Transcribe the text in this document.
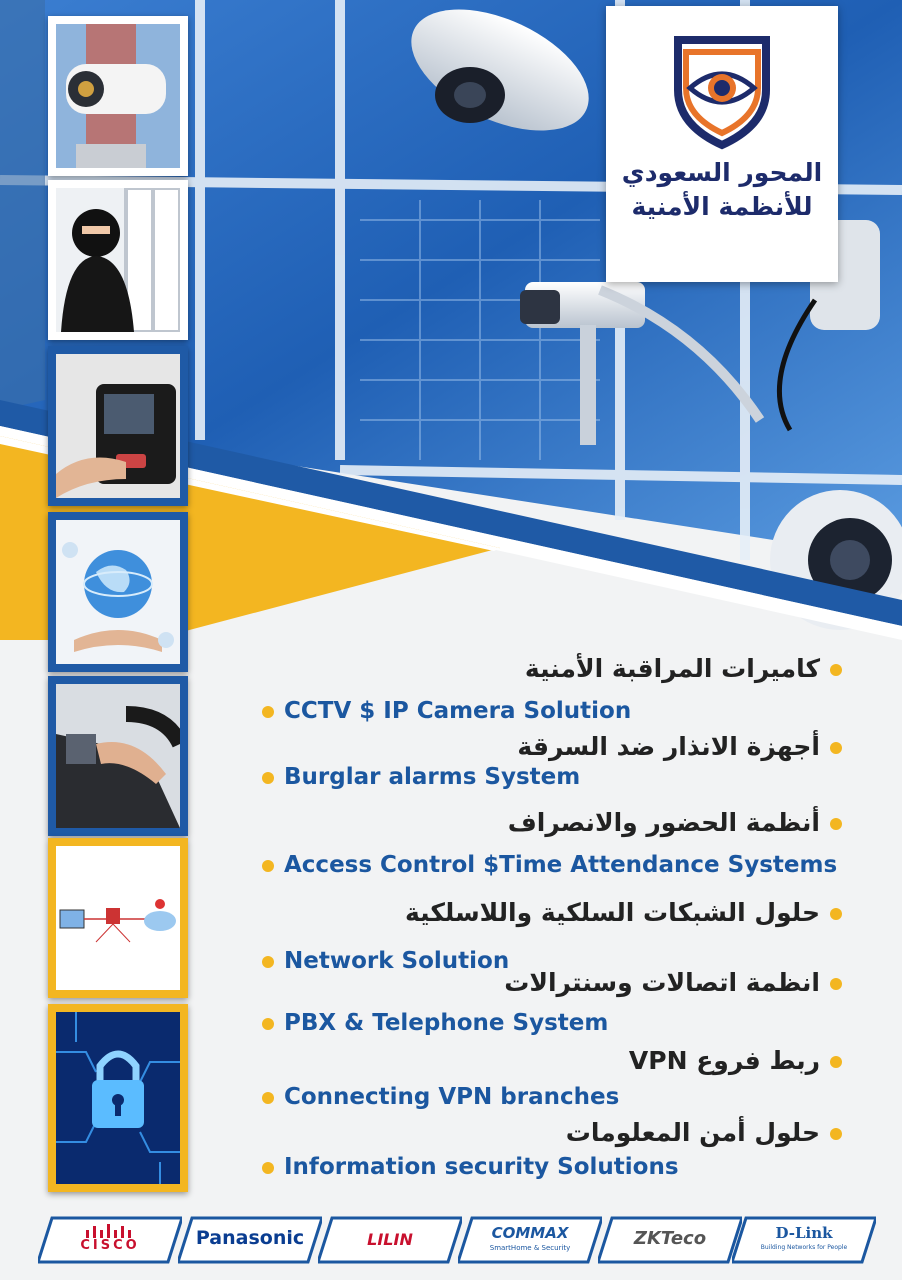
المحور السعودي
للأنظمة الأمنية
كاميرات المراقبة الأمنية
CCTV $ IP Camera Solution
أجهزة الانذار ضد السرقة
Burglar alarms System
أنظمة الحضور والانصراف
Access Control $Time Attendance Systems
حلول الشبكات السلكية واللاسلكية
Network Solution
انظمة اتصالات وسنترالات
PBX & Telephone System
ربط فروع VPN
Connecting VPN branches
حلول أمن المعلومات
Information security Solutions
CISCO	Panasonic	LILIN	COMMAX
SmartHome & Security	ZKTeco	D-Link
Building Networks for People
